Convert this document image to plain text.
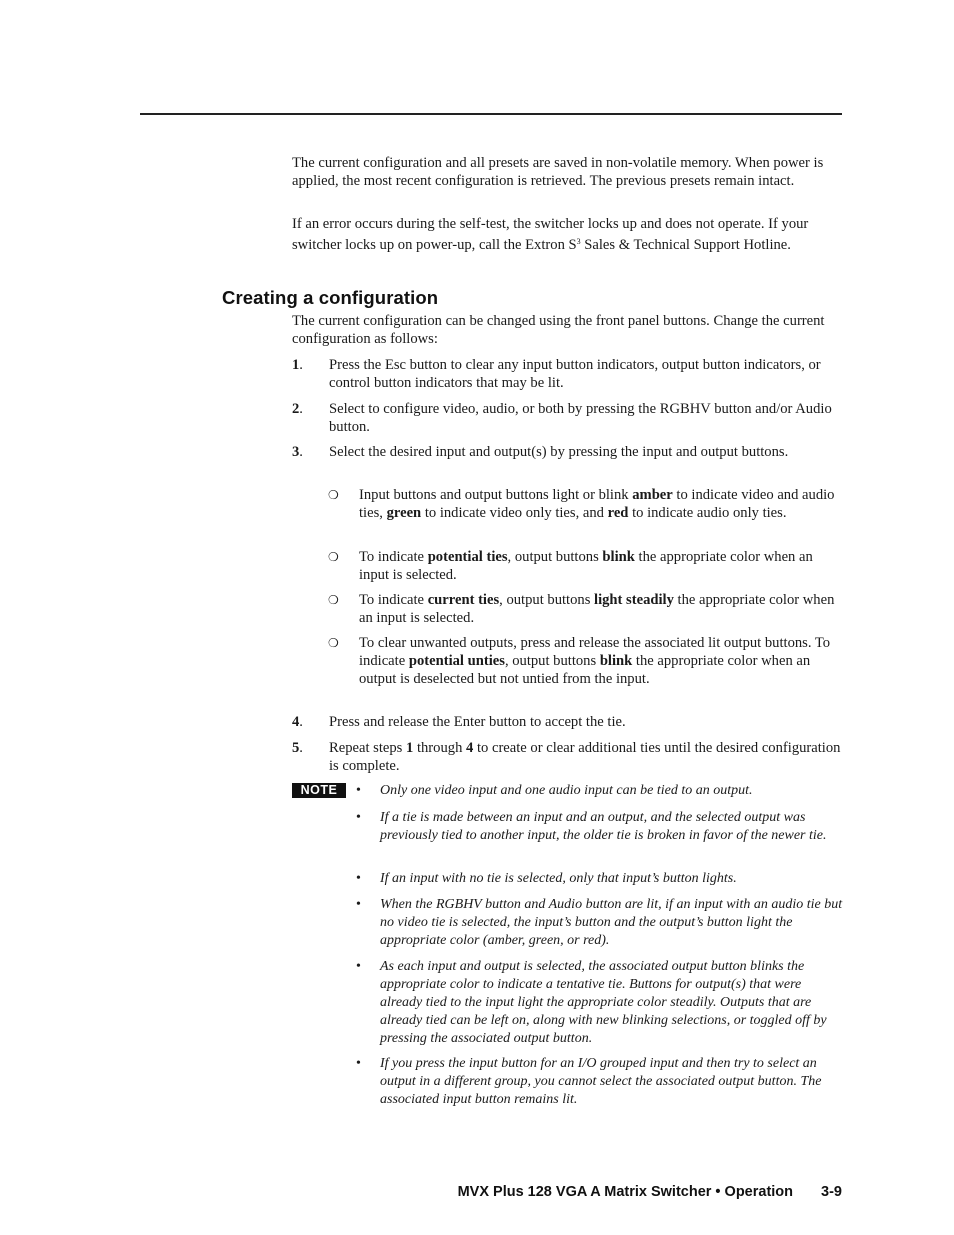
The current configuration and all presets are saved in non-volatile memory. When power is applied, the most recent configuration is retrieved. The previous presets remain intact.

If an error occurs during the self-test, the switcher locks up and does not operate. If your switcher locks up on power-up, call the Extron $S^3$ Sales & Technical Support Hotline.

Creating a configuration

The current configuration can be changed using the front panel buttons. Change the current configuration as follows:

1. Press the Esc button to clear any input button indicators, output button indicators, or control button indicators that may be lit.
2. Select to configure video, audio, or both by pressing the RGBHV button and/or Audio button.
3. Select the desired input and output(s) by pressing the input and output buttons.
❍ Input buttons and output buttons light or blink amber to indicate video and audio ties, green to indicate video only ties, and red to indicate audio only ties.
❍ To indicate potential ties, output buttons blink the appropriate color when an input is selected.
❍ To indicate current ties, output buttons light steadily the appropriate color when an input is selected.
❍ To clear unwanted outputs, press and release the associated lit output buttons. To indicate potential unties, output buttons blink the appropriate color when an output is deselected but not untied from the input.
4. Press and release the Enter button to accept the tie.
5. Repeat steps 1 through 4 to create or clear additional ties until the desired configuration is complete.
NOTE	• Only one video input and one audio input can be tied to an output.
• If a tie is made between an input and an output, and the selected output was previously tied to another input, the older tie is broken in favor of the newer tie.
• If an input with no tie is selected, only that input’s button lights.
• When the RGBHV button and Audio button are lit, if an input with an audio tie but no video tie is selected, the input’s button and the output’s button light the appropriate color (amber, green, or red).
• As each input and output is selected, the associated output button blinks the appropriate color to indicate a tentative tie. Buttons for output(s) that were already tied to the input light the appropriate color steadily. Outputs that are already tied can be left on, along with new blinking selections, or toggled off by pressing the associated output button.
• If you press the input button for an I/O grouped input and then try to select an output in a different group, you cannot select the associated output button. The associated input button remains lit.
MVX Plus 128 VGA A Matrix Switcher • Operation 3-9
